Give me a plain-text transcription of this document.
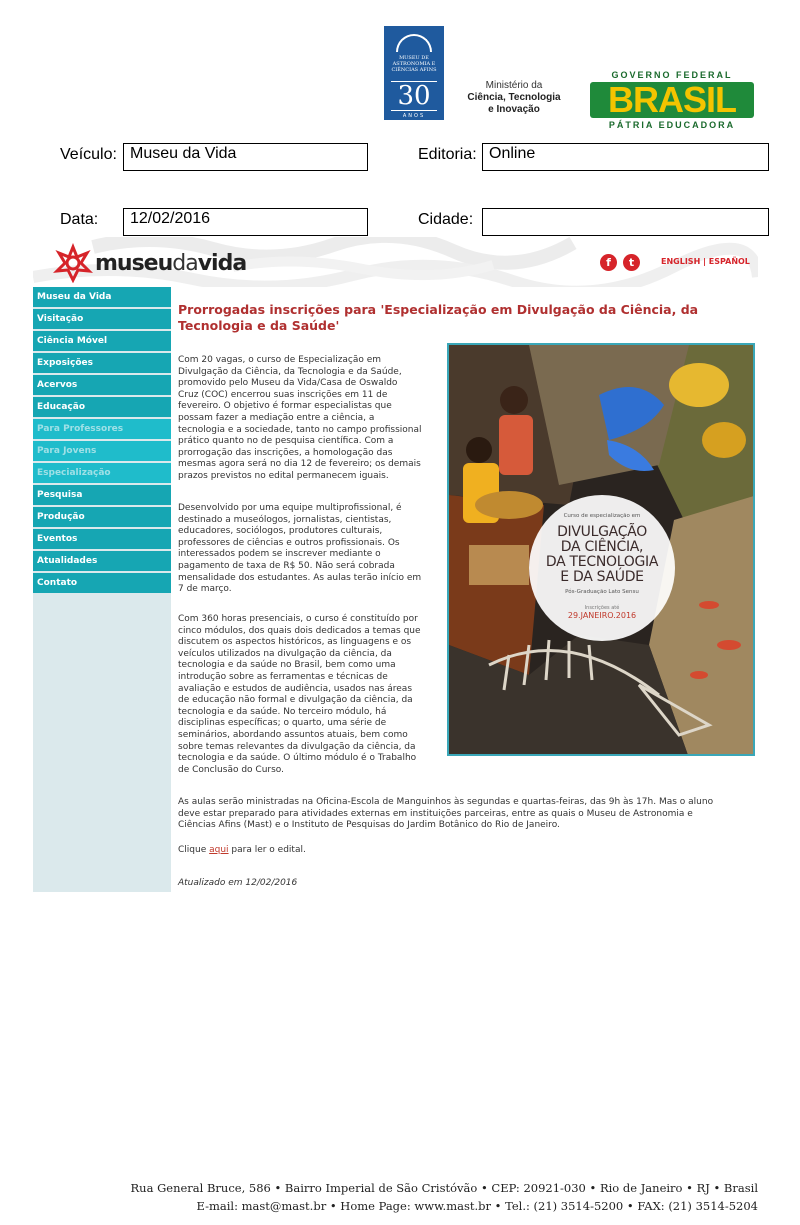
MUSEU DE ASTRONOMIA E CIÊNCIAS AFINS
30
ANOS
Ministério da
Ciência, Tecnologia
e Inovação
GOVERNO FEDERAL
BRASIL
PÁTRIA EDUCADORA
Veículo: Museu da Vida	Editoria: Online
Data:	12/02/2016	Cidade:
museudavida	f	t	ENGLISH | ESPAÑOL
Museu da Vida
Visitação
Ciência Móvel
Exposições
Acervos
Educação
Para Professores
Para Jovens
Especialização
Pesquisa
Produção
Eventos
Atualidades
Contato
Prorrogadas inscrições para 'Especialização em Divulgação da Ciência, da
Tecnologia e da Saúde'
Com 20 vagas, o curso de Especialização em
Divulgação da Ciência, da Tecnologia e da Saúde,
promovido pelo Museu da Vida/Casa de Oswaldo
Cruz (COC) encerrou suas inscrições em 11 de
fevereiro. O objetivo é formar especialistas que
possam fazer a mediação entre a ciência, a
tecnologia e a sociedade, tanto no campo profissional
prático quanto no de pesquisa científica. Com a
prorrogação das inscrições, a homologação das
mesmas agora será no dia 12 de fevereiro; os demais
prazos previstos no edital permanecem iguais.
Desenvolvido por uma equipe multiprofissional, é
destinado a museólogos, jornalistas, cientistas,
educadores, sociólogos, produtores culturais,
professores de ciências e outros profissionais. Os
interessados podem se inscrever mediante o
pagamento de taxa de R$ 50. Não será cobrada
mensalidade dos estudantes. As aulas terão início em
7 de março.
Com 360 horas presenciais, o curso é constituído por
cinco módulos, dos quais dois dedicados a temas que
discutem os aspectos históricos, as linguagens e os
veículos utilizados na divulgação da ciência, da
tecnologia e da saúde no Brasil, bem como uma
introdução sobre as ferramentas e técnicas de
avaliação e estudos de audiência, usados nas áreas
de educação não formal e divulgação da ciência, da
tecnologia e da saúde. No terceiro módulo, há
disciplinas específicas; o quarto, uma série de
seminários, abordando assuntos atuais, bem como
sobre temas relevantes da divulgação da ciência, da
tecnologia e da saúde. O último módulo é o Trabalho
de Conclusão do Curso.
As aulas serão ministradas na Oficina-Escola de Manguinhos às segundas e quartas-feiras, das 9h às 17h. Mas o aluno
deve estar preparado para atividades externas em instituições parceiras, entre as quais o Museu de Astronomia e
Ciências Afins (Mast) e o Instituto de Pesquisas do Jardim Botânico do Rio de Janeiro.
Clique aqui para ler o edital.
Atualizado em 12/02/2016
Curso de especialização em
DIVULGAÇÃO
DA CIÊNCIA,
DA TECNOLOGIA
E DA SAÚDE
Pós-Graduação Lato Sensu
Inscrições até
29.JANEIRO.2016
Rua General Bruce, 586 • Bairro Imperial de São Cristóvão • CEP: 20921-030 • Rio de Janeiro • RJ • Brasil
E-mail: mast@mast.br • Home Page: www.mast.br • Tel.: (21) 3514-5200 • FAX: (21) 3514-5204
